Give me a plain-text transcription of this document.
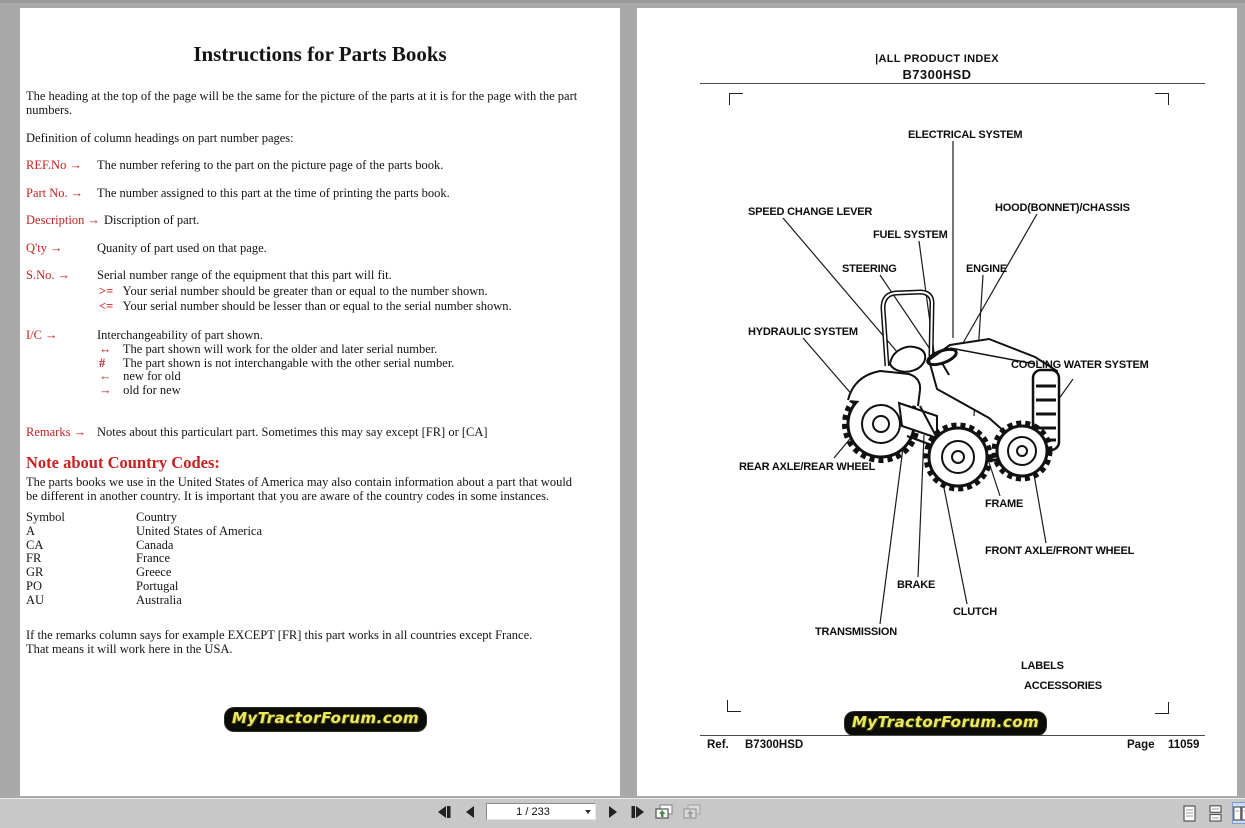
Instructions for Parts Books
The heading at the top of the page will be the same for the picture of the parts at it is for the page with the part numbers.
Definition of column headings on part number pages:
REF.No → The number refering to the part on the picture page of the parts book.
Part No. → The number assigned to this part at the time of printing the parts book.
Description → Discription of part.
Q'ty →	Quanity of part used on that page.
S.No. → Serial number range of the equipment that this part will fit.
>= Your serial number should be greater than or equal to the number shown.
<= Your serial number should be lesser than or equal to the serial number shown.
I/C →	Interchangeability of part shown.
↔ The part shown will work for the older and later serial number.
# The part shown is not interchangable with the other serial number.
← new for old
→ old for new
Remarks → Notes about this particulart part. Sometimes this may say except [FR] or [CA]
Note about Country Codes:
The parts books we use in the United States of America may also contain information about a part that would be different in another country. It is important that you are aware of the country codes in some instances.
Symbol	Country
A	United States of America
CA	Canada
FR	France
GR	Greece
PO	Portugal
AU	Australia
If the remarks column says for example EXCEPT [FR] this part works in all countries except France.
That means it will work here in the USA.
MyTractorForum.com
|ALL PRODUCT INDEX
B7300HSD
ELECTRICAL SYSTEM
SPEED CHANGE LEVER	HOOD(BONNET)/CHASSIS
FUEL SYSTEM
STEERING	ENGINE
HYDRAULIC SYSTEM
COOLING WATER SYSTEM
REAR AXLE/REAR WHEEL
FRAME
FRONT AXLE/FRONT WHEEL
BRAKE
CLUTCH
TRANSMISSION
LABELS
ACCESSORIES
MyTractorForum.com
Ref. B7300HSD	Page 11059
1 / 233
